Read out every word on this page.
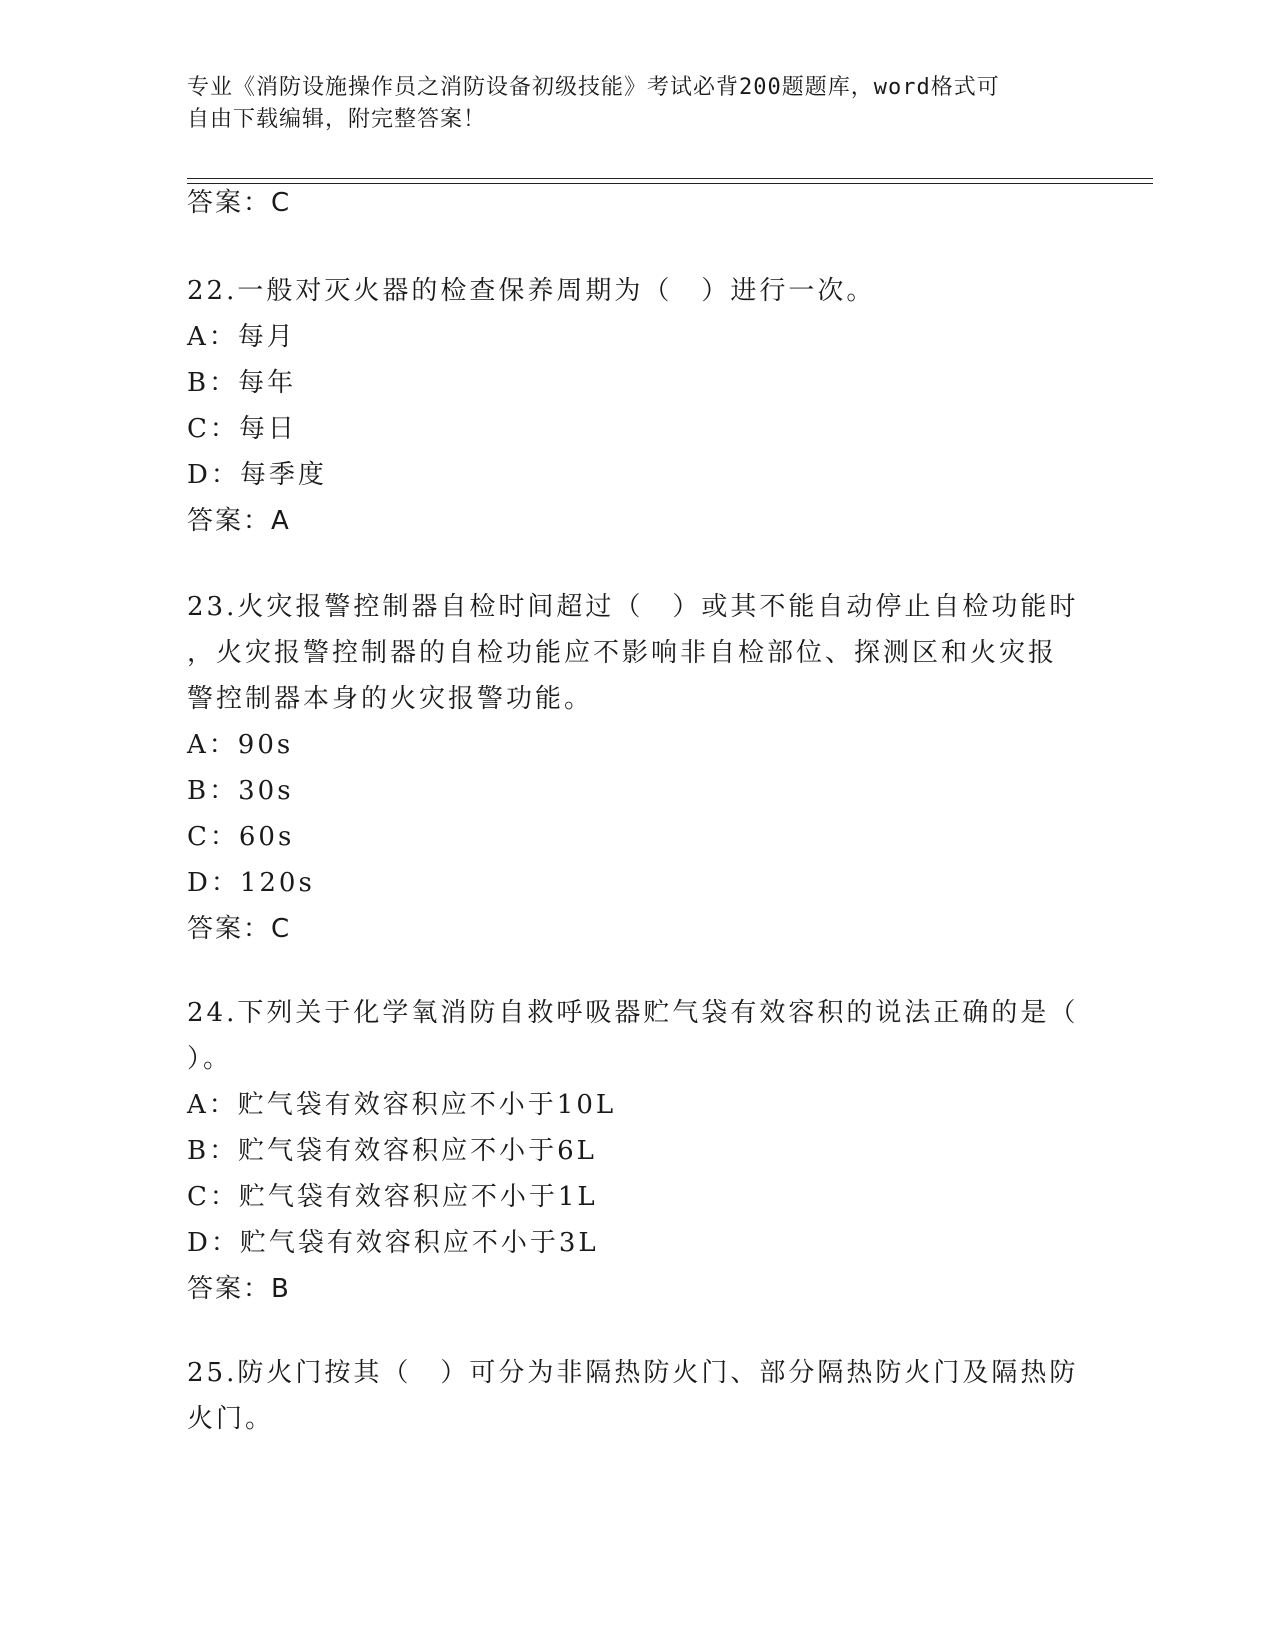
专业《消防设施操作员之消防设备初级技能》考试必背200题题库，word格式可
自由下载编辑，附完整答案！
答案：C
22.一般对灭火器的检查保养周期为（　）进行一次。
A：每月
B：每年
C：每日
D：每季度
答案：A
23.火灾报警控制器自检时间超过（　）或其不能自动停止自检功能时
，火灾报警控制器的自检功能应不影响非自检部位、探测区和火灾报
警控制器本身的火灾报警功能。
A：90s
B：30s
C：60s
D：120s
答案：C
24.下列关于化学氧消防自救呼吸器贮气袋有效容积的说法正确的是（
）。
A：贮气袋有效容积应不小于10L
B：贮气袋有效容积应不小于6L
C：贮气袋有效容积应不小于1L
D：贮气袋有效容积应不小于3L
答案：B
25.防火门按其（　）可分为非隔热防火门、部分隔热防火门及隔热防
火门。
